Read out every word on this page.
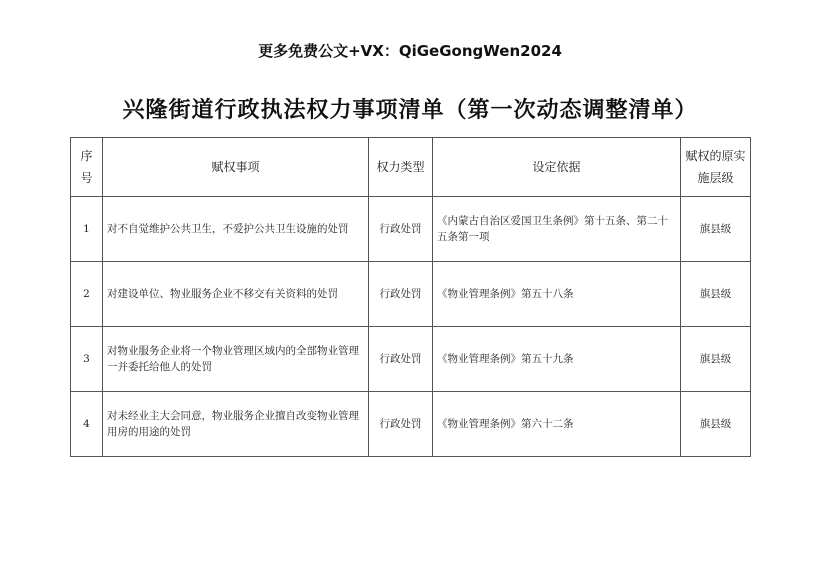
更多免费公文+VX：QiGeGongWen2024
兴隆街道行政执法权力事项清单（第一次动态调整清单）
序号	赋权事项	权力类型	设定依据	赋权的原实施层级
1	对不自觉维护公共卫生，不爱护公共卫生设施的处罚	行政处罚	《内蒙古自治区爱国卫生条例》第十五条、第二十五条第一项	旗县级
2	对建设单位、物业服务企业不移交有关资料的处罚	行政处罚	《物业管理条例》第五十八条	旗县级
3	对物业服务企业将一个物业管理区域内的全部物业管理一并委托给他人的处罚	行政处罚	《物业管理条例》第五十九条	旗县级
4	对未经业主大会同意，物业服务企业擅自改变物业管理用房的用途的处罚	行政处罚	《物业管理条例》第六十二条	旗县级
